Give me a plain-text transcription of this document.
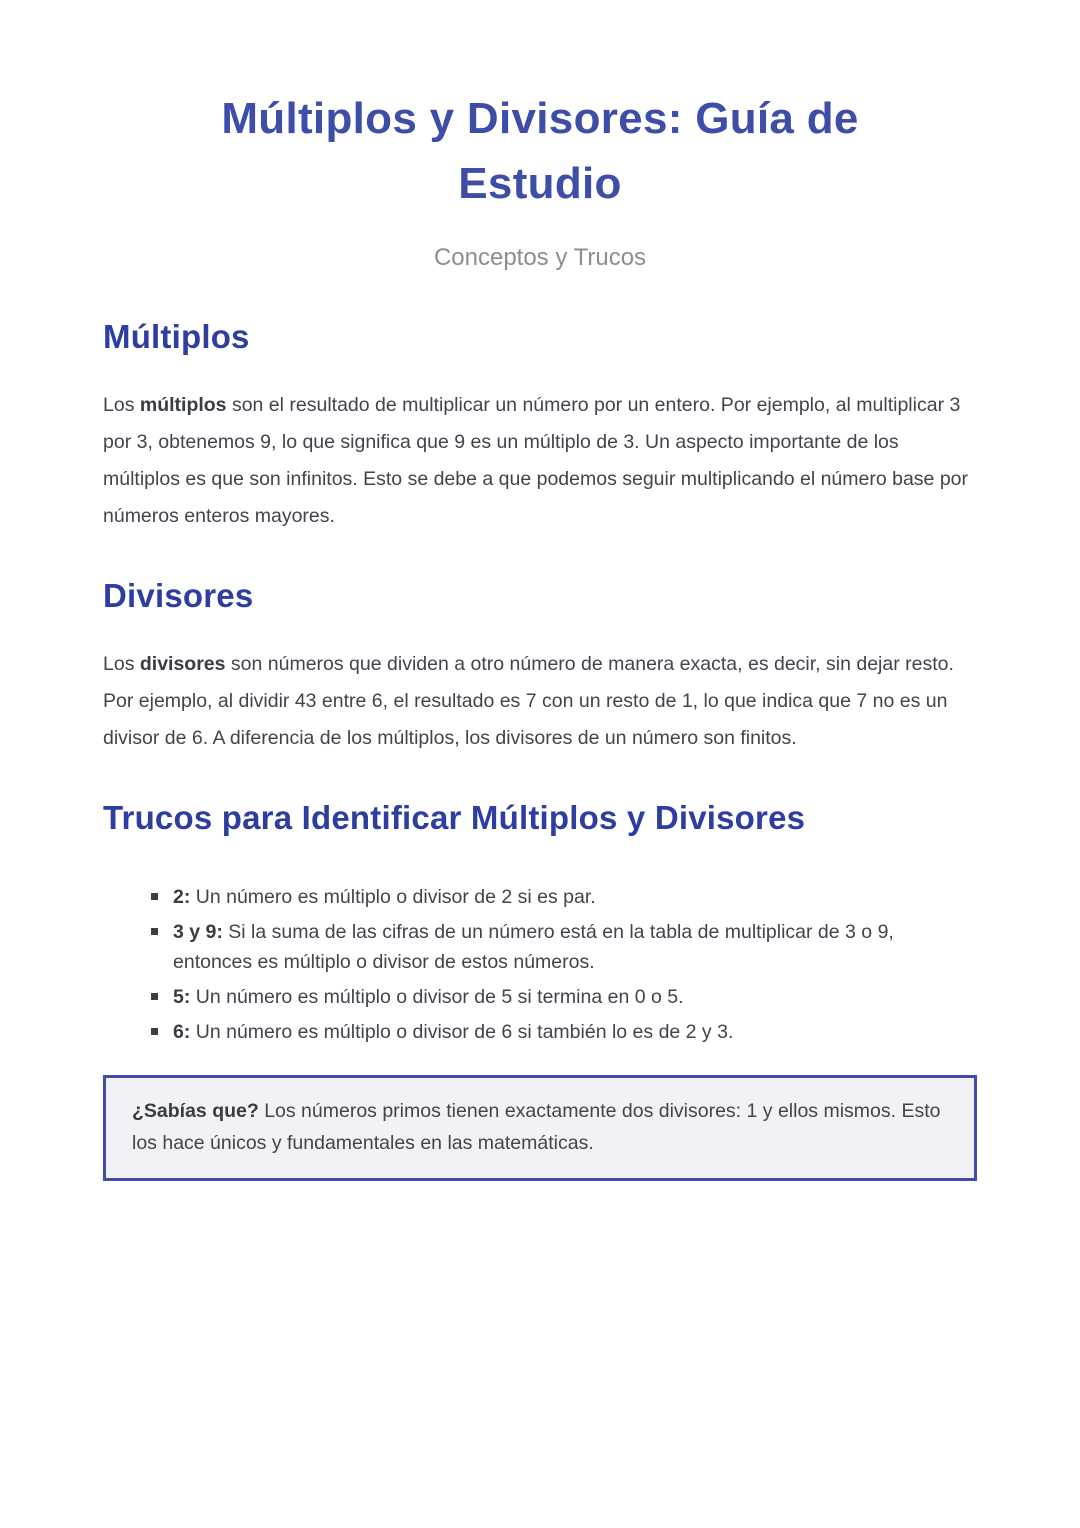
Múltiplos y Divisores: Guía de Estudio

Conceptos y Trucos

Múltiplos

Los múltiplos son el resultado de multiplicar un número por un entero. Por ejemplo, al multiplicar 3 por 3, obtenemos 9, lo que significa que 9 es un múltiplo de 3. Un aspecto importante de los múltiplos es que son infinitos. Esto se debe a que podemos seguir multiplicando el número base por números enteros mayores.

Divisores

Los divisores son números que dividen a otro número de manera exacta, es decir, sin dejar resto. Por ejemplo, al dividir 43 entre 6, el resultado es 7 con un resto de 1, lo que indica que 7 no es un divisor de 6. A diferencia de los múltiplos, los divisores de un número son finitos.

Trucos para Identificar Múltiplos y Divisores
2: Un número es múltiplo o divisor de 2 si es par.
3 y 9: Si la suma de las cifras de un número está en la tabla de multiplicar de 3 o 9, entonces es múltiplo o divisor de estos números.
5: Un número es múltiplo o divisor de 5 si termina en 0 o 5.
6: Un número es múltiplo o divisor de 6 si también lo es de 2 y 3.
¿Sabías que? Los números primos tienen exactamente dos divisores: 1 y ellos mismos. Esto los hace únicos y fundamentales en las matemáticas.
